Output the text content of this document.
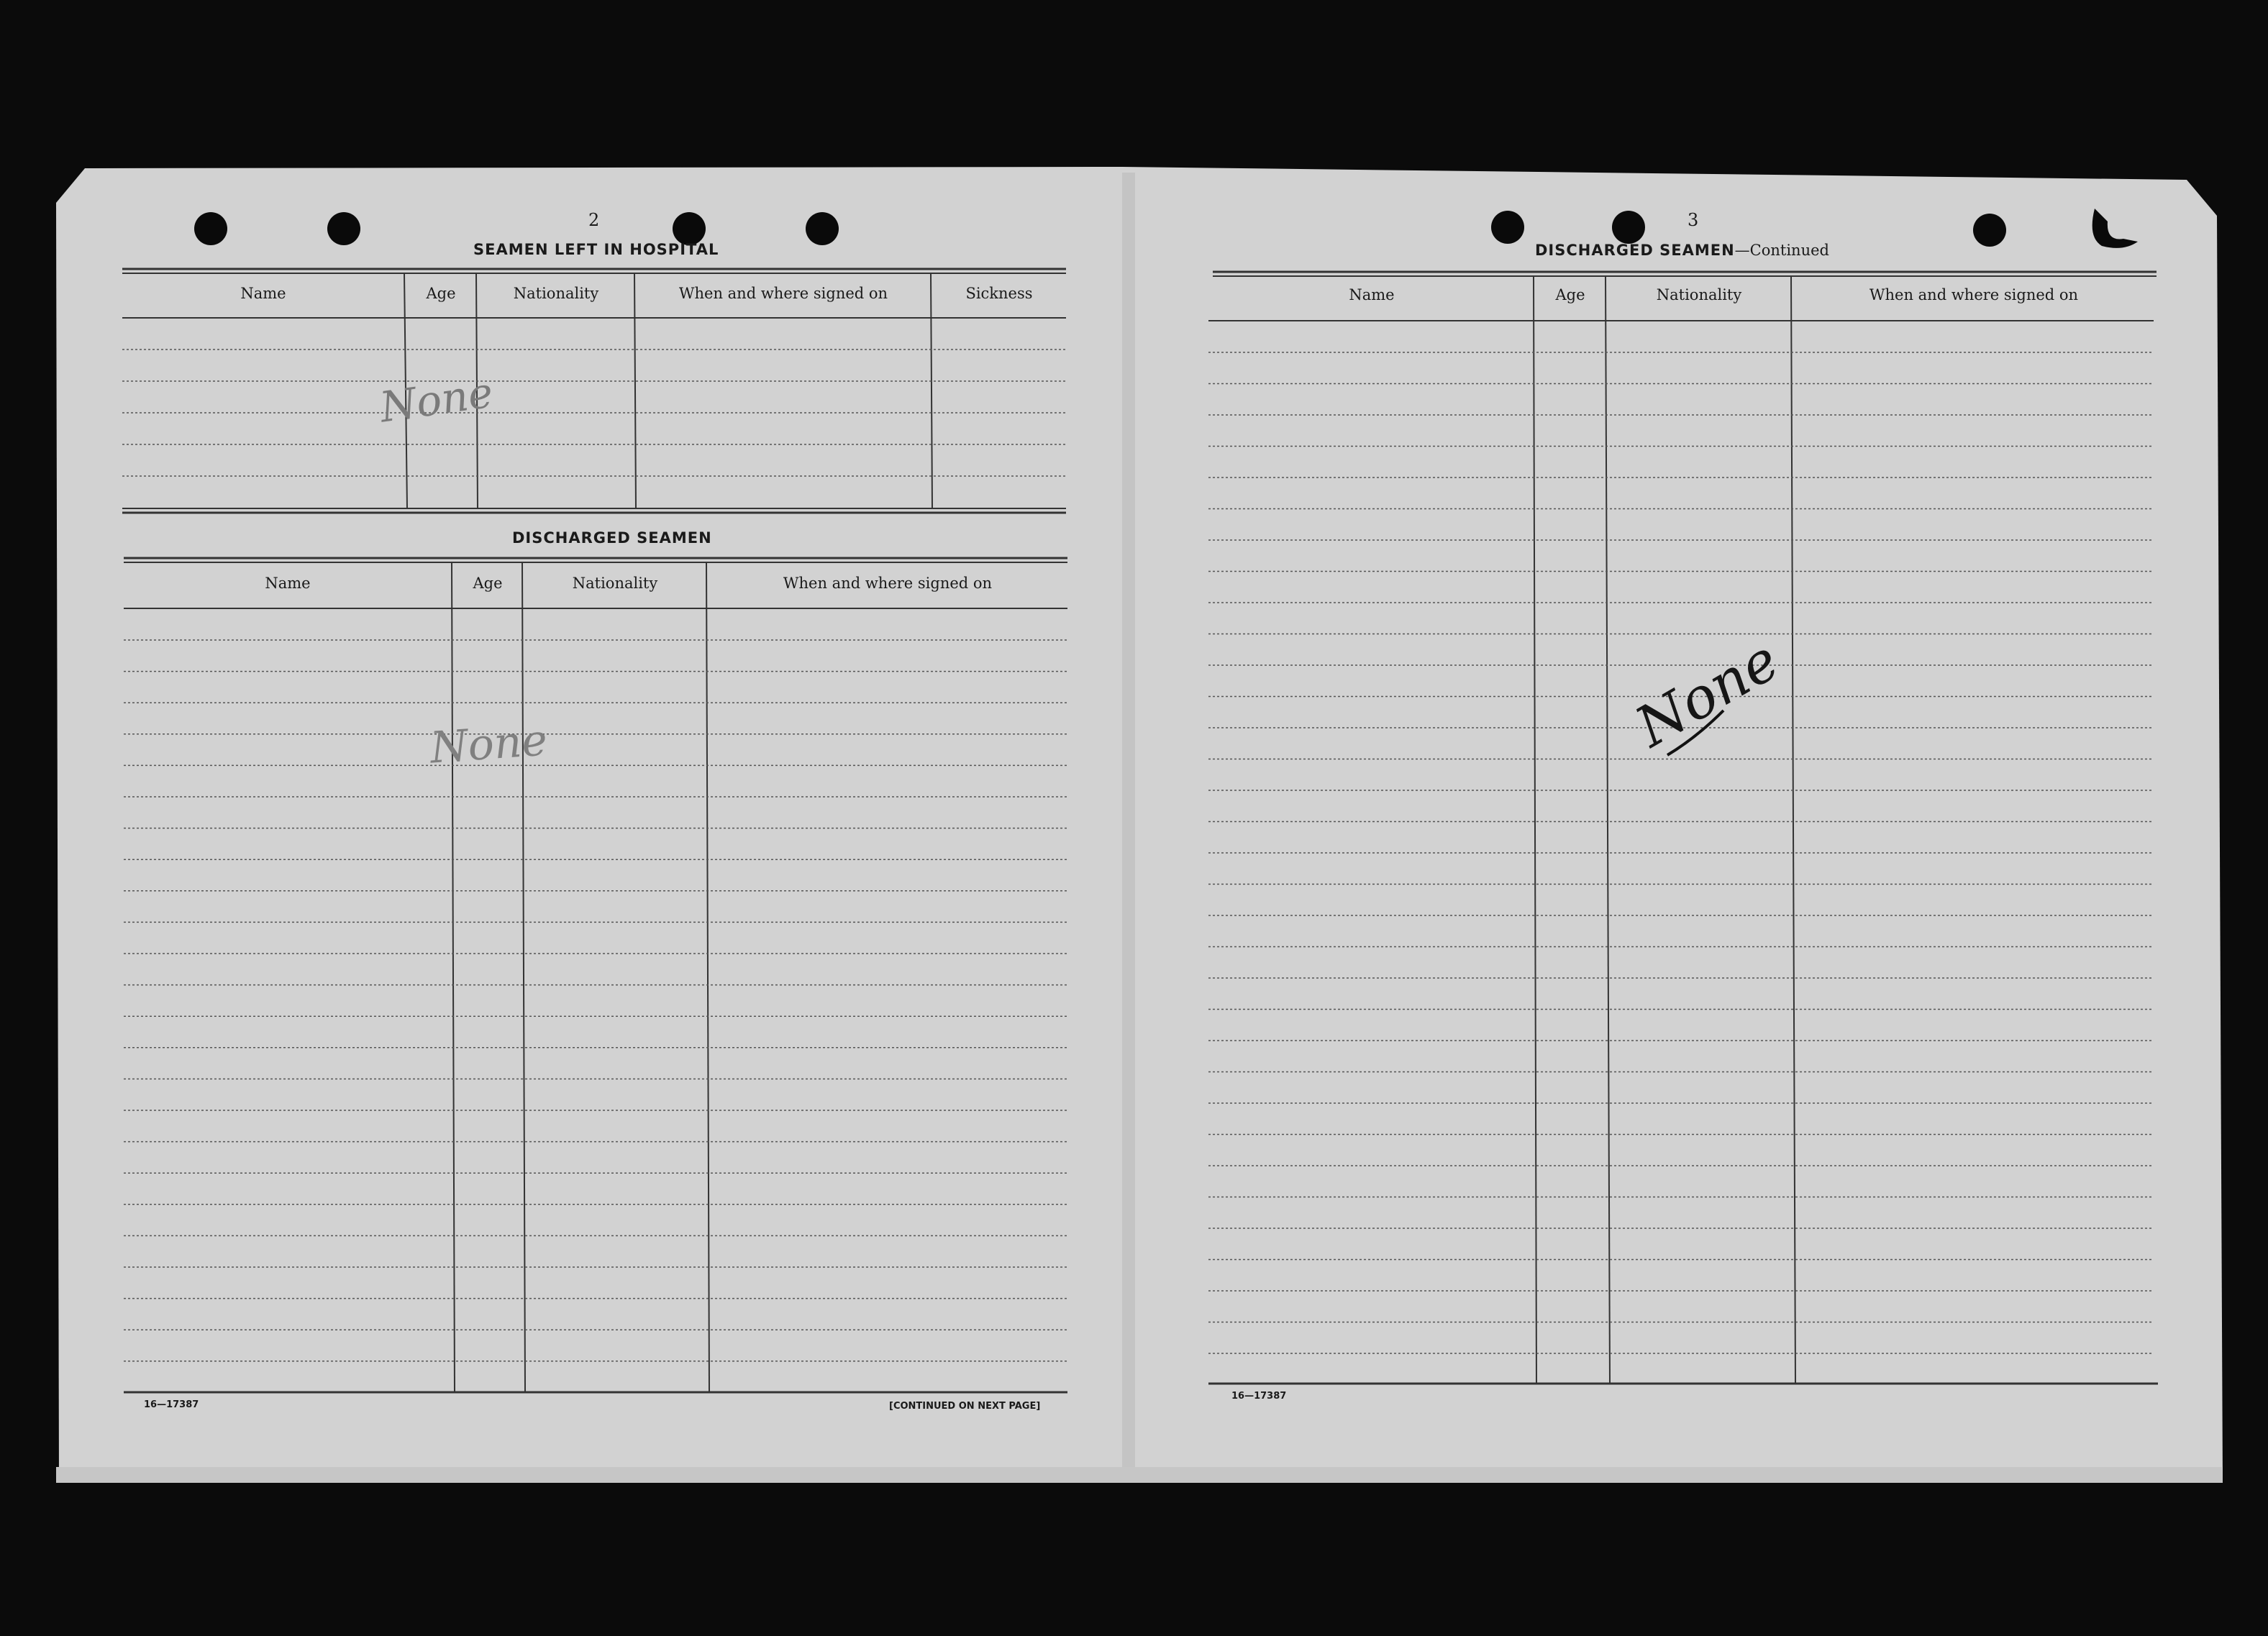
2
SEAMEN LEFT IN HOSPITAL
Name	Age	Nationality	When and where signed on	Sickness
None
DISCHARGED SEAMEN
Name	Age	Nationality	When and where signed on
None
16—17387	[CONTINUED ON NEXT PAGE]
3
DISCHARGED SEAMEN—Continued
Name	Age	Nationality	When and where signed on
None
16—17387
